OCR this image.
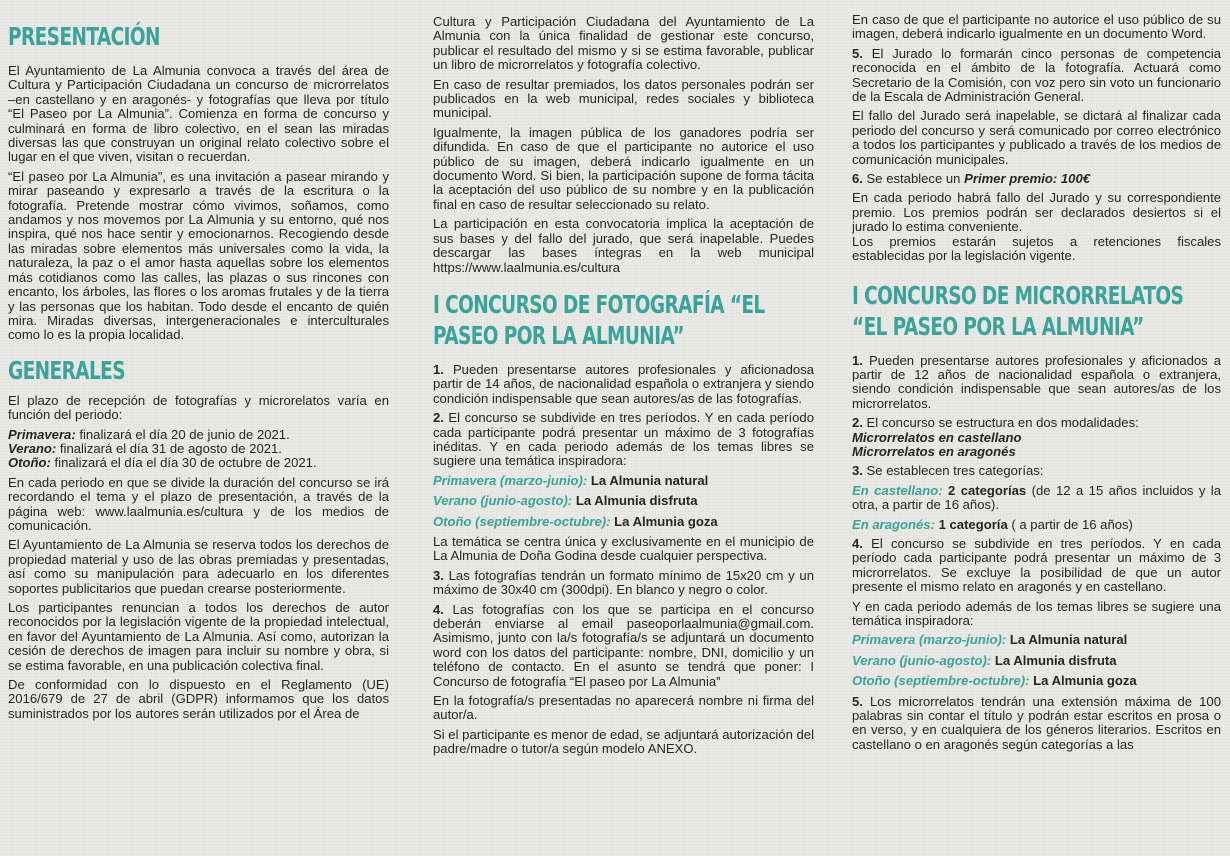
PRESENTACIÓN

El Ayuntamiento de La Almunia convoca a través del área de Cultura y Participación Ciudadana un concurso de microrrelatos –en castellano y en aragonés- y fotografías que lleva por título “El Paseo por La Almunia”. Comienza en forma de concurso y culminará en forma de libro colectivo, en el sean las miradas diversas las que construyan un original relato colectivo sobre el lugar en el que viven, visitan o recuerdan.

“El paseo por La Almunia”, es una invitación a pasear mirando y mirar paseando y expresarlo a través de la escritura o la fotografía. Pretende mostrar cómo vivimos, soñamos, como andamos y nos movemos por La Almunia y su entorno, qué nos inspira, qué nos hace sentir y emocionarnos. Recogiendo desde las miradas sobre elementos más universales como la vida, la naturaleza, la paz o el amor hasta aquellas sobre los elementos más cotidianos como las calles, las plazas o sus rincones con encanto, los árboles, las flores o los aromas frutales y de la tierra y las personas que los habitan. Todo desde el encanto de quién mira. Miradas diversas, intergeneracionales e interculturales como lo es la propia localidad.

GENERALES

El plazo de recepción de fotografías y microrelatos varía en función del periodo:

Primavera: finalizará el día 20 de junio de 2021.

Verano: finalizará el día 31 de agosto de 2021.

Otoño: finalizará el día el día 30 de octubre de 2021.

En cada periodo en que se divide la duración del concurso se irá recordando el tema y el plazo de presentación, a través de la página web: www.laalmunia.es/cultura y de los medios de comunicación.

El Ayuntamiento de La Almunia se reserva todos los derechos de propiedad material y uso de las obras premiadas y presentadas, así como su manipulación para adecuarlo en los diferentes soportes publicitarios que puedan crearse posteriormente.

Los participantes renuncian a todos los derechos de autor reconocidos por la legislación vigente de la propiedad intelectual, en favor del Ayuntamiento de La Almunia. Así como, autorizan la cesión de derechos de imagen para incluir su nombre y obra, si se estima favorable, en una publicación colectiva final.

De conformidad con lo dispuesto en el Reglamento (UE) 2016/679 de 27 de abril (GDPR) informamos que los datos suministrados por los autores serán utilizados por el Área de

Cultura y Participación Ciudadana del Ayuntamiento de La Almunia con la única finalidad de gestionar este concurso, publicar el resultado del mismo y si se estima favorable, publicar un libro de microrrelatos y fotografía colectivo.

En caso de resultar premiados, los datos personales podrán ser publicados en la web municipal, redes sociales y biblioteca municipal.

Igualmente, la imagen pública de los ganadores podría ser difundida. En caso de que el participante no autorice el uso público de su imagen, deberá indicarlo igualmente en un documento Word. Si bien, la participación supone de forma tácita la aceptación del uso público de su nombre y en la publicación final en caso de resultar seleccionado su relato.

La participación en esta convocatoria implica la aceptación de sus bases y del fallo del jurado, que será inapelable. Puedes descargar las bases íntegras en la web municipal https://www.laalmunia.es/cultura

I CONCURSO DE FOTOGRAFÍA “EL
PASEO POR LA ALMUNIA”

1. Pueden presentarse autores profesionales y aficionadosa partir de 14 años, de nacionalidad española o extranjera y siendo condición indispensable que sean autores/as de las fotografías.

2. El concurso se subdivide en tres períodos. Y en cada período cada participante podrá presentar un máximo de 3 fotografías inéditas. Y en cada periodo además de los temas libres se sugiere una temática inspiradora:

Primavera (marzo-junio): La Almunia natural

Verano (junio-agosto): La Almunia disfruta

Otoño (septiembre-octubre): La Almunia goza

La temática se centra única y exclusivamente en el municipio de La Almunia de Doña Godina desde cualquier perspectiva.

3. Las fotografías tendrán un formato mínimo de 15x20 cm y un máximo de 30x40 cm (300dpi). En blanco y negro o color.

4. Las fotografías con los que se participa en el concurso deberán enviarse al email paseoporlaalmunia@gmail.com. Asimismo, junto con la/s fotografía/s se adjuntará un documento word con los datos del participante: nombre, DNI, domicilio y un teléfono de contacto. En el asunto se tendrá que poner: I Concurso de fotografía “El paseo por La Almunia”

En la fotografía/s presentadas no aparecerá nombre ni firma del autor/a.

Si el participante es menor de edad, se adjuntará autorización del padre/madre o tutor/a según modelo ANEXO.

En caso de que el participante no autorice el uso público de su imagen, deberá indicarlo igualmente en un documento Word.

5. El Jurado lo formarán cinco personas de competencia reconocida en el ámbito de la fotografía. Actuará como Secretario de la Comisión, con voz pero sin voto un funcionario de la Escala de Administración General.

El fallo del Jurado será inapelable, se dictará al finalizar cada periodo del concurso y será comunicado por correo electrónico a todos los participantes y publicado a través de los medios de comunicación municipales.

6. Se establece un Primer premio: 100€

En cada periodo habrá fallo del Jurado y su correspondiente premio. Los premios podrán ser declarados desiertos si el jurado lo estima conveniente.

Los premios estarán sujetos a retenciones fiscales establecidas por la legislación vigente.

I CONCURSO DE MICRORRELATOS
“EL PASEO POR LA ALMUNIA”

1. Pueden presentarse autores profesionales y aficionados a partir de 12 años de nacionalidad española o extranjera, siendo condición indispensable que sean autores/as de los microrrelatos.

2. El concurso se estructura en dos modalidades:

Microrrelatos en castellano

Microrrelatos en aragonés

3. Se establecen tres categorías:

En castellano: 2 categorías (de 12 a 15 años incluidos y la otra, a partir de 16 años).

En aragonés: 1 categoría ( a partir de 16 años)

4. El concurso se subdivide en tres períodos. Y en cada período cada participante podrá presentar un máximo de 3 microrrelatos. Se excluye la posibilidad de que un autor presente el mismo relato en aragonés y en castellano.

Y en cada periodo además de los temas libres se sugiere una temática inspiradora:

Primavera (marzo-junio): La Almunia natural

Verano (junio-agosto): La Almunia disfruta

Otoño (septiembre-octubre): La Almunia goza

5. Los microrrelatos tendrán una extensión máxima de 100 palabras sin contar el título y podrán estar escritos en prosa o en verso, y en cualquiera de los géneros literarios. Escritos en castellano o en aragonés según categorías a las
